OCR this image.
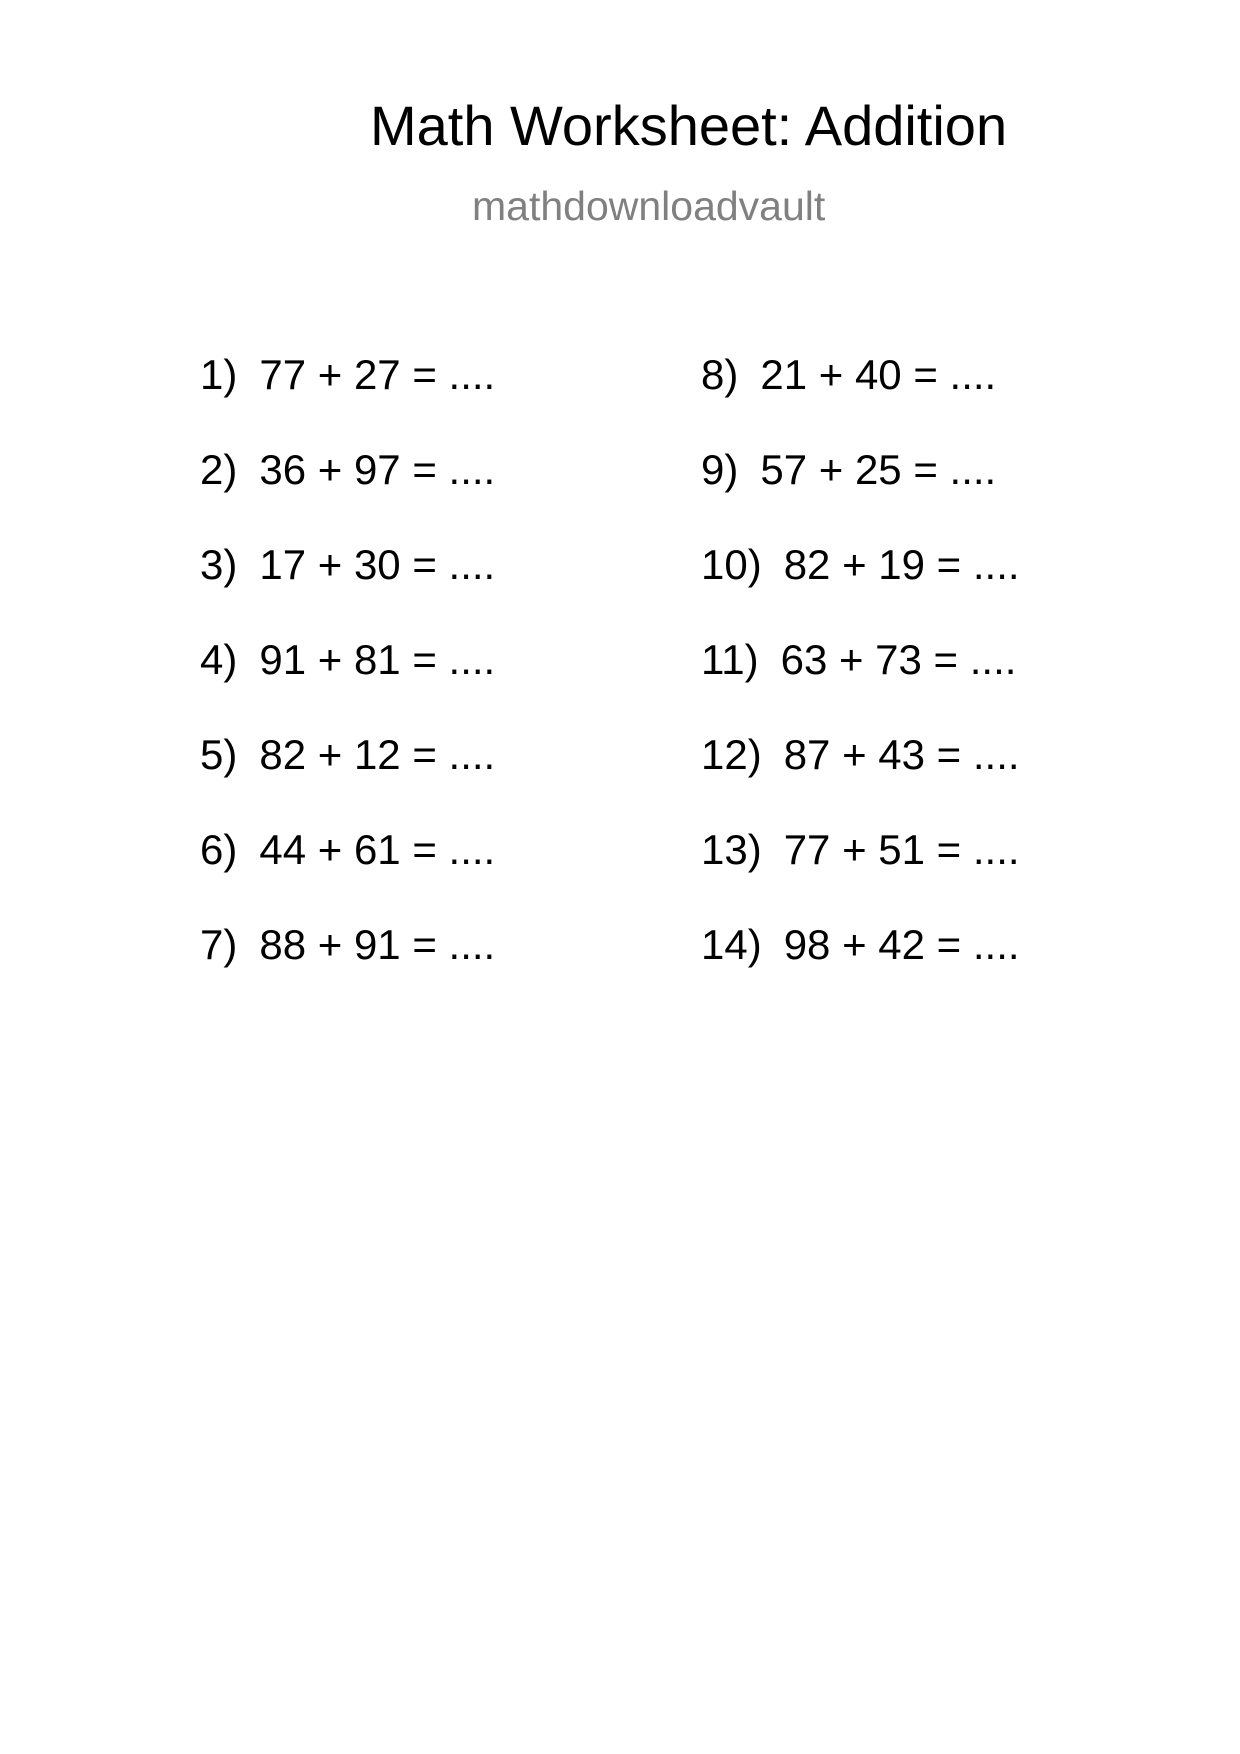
Math Worksheet: Addition
mathdownloadvault
1) 77 + 27 = ....
2) 36 + 97 = ....
3) 17 + 30 = ....
4) 91 + 81 = ....
5) 82 + 12 = ....
6) 44 + 61 = ....
7) 88 + 91 = ....
8) 21 + 40 = ....
9) 57 + 25 = ....
10) 82 + 19 = ....
11) 63 + 73 = ....
12) 87 + 43 = ....
13) 77 + 51 = ....
14) 98 + 42 = ....
